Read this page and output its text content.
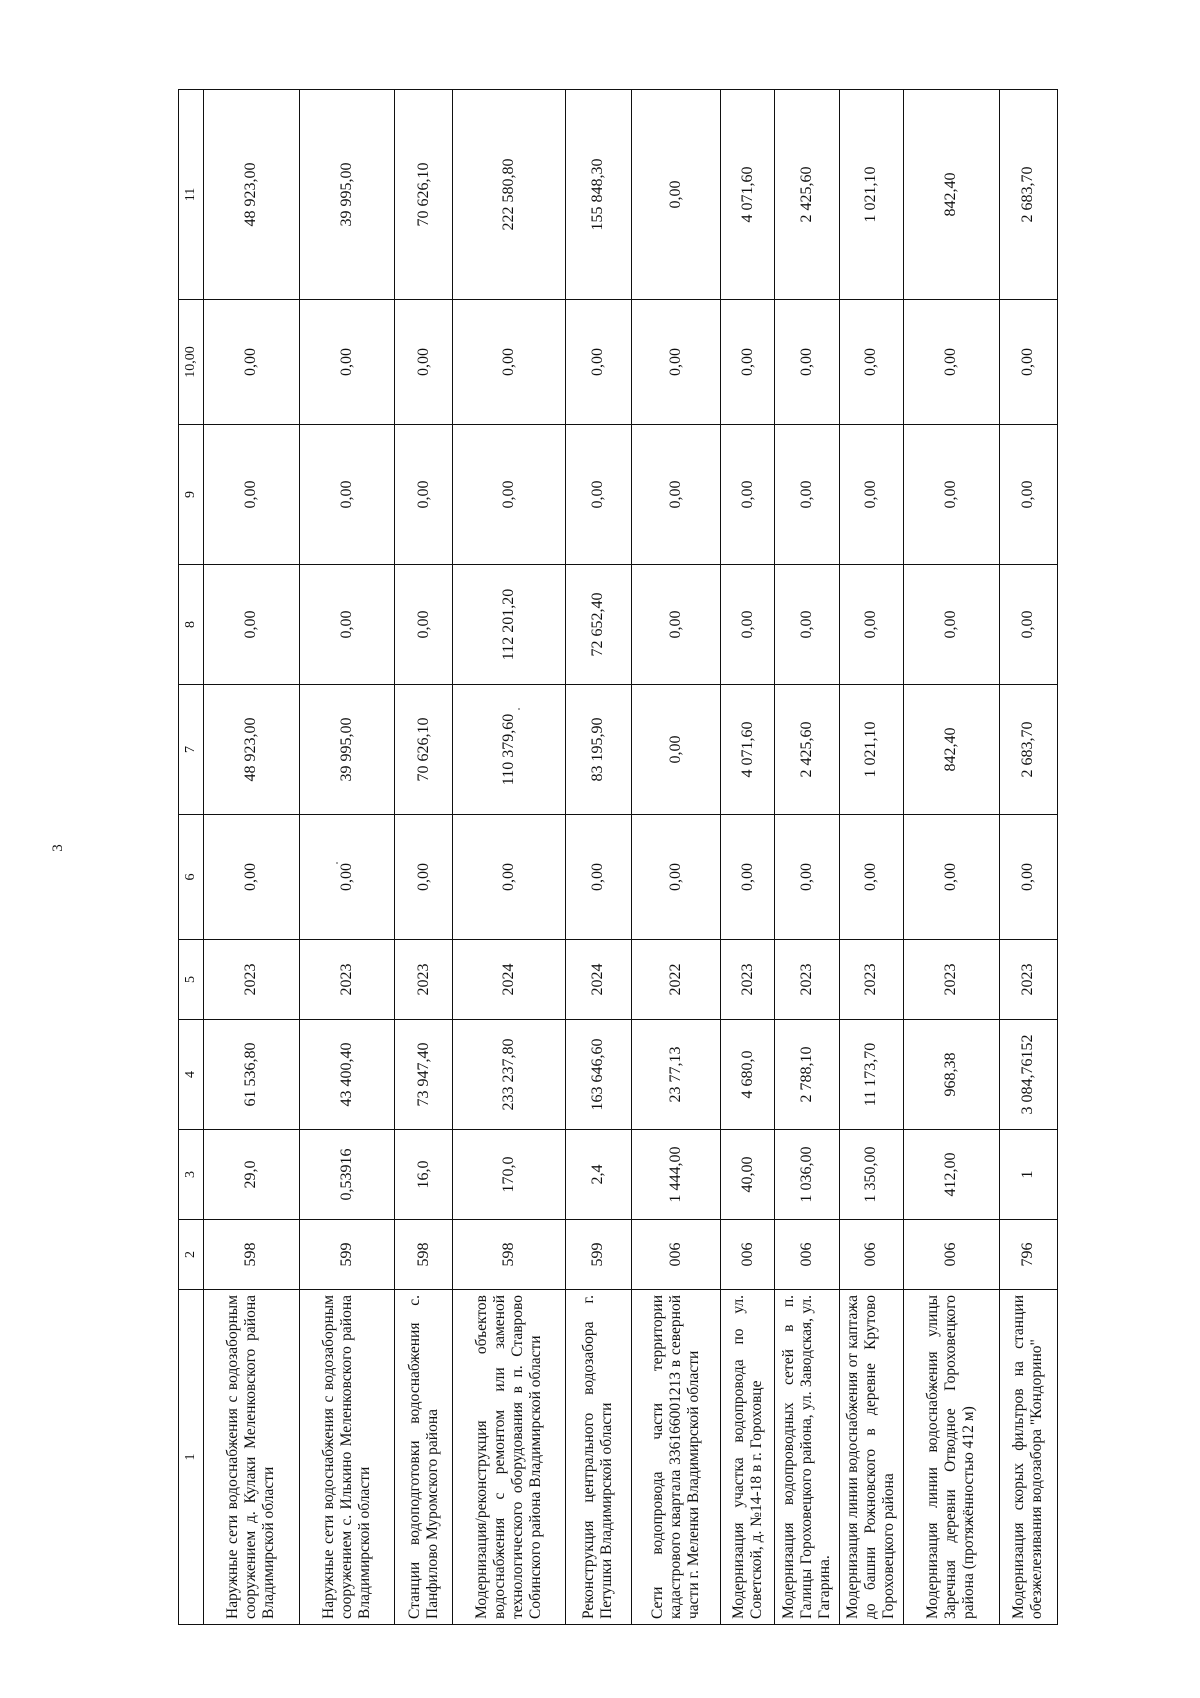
3
1	2	3	4	5	6	7	8	9	10,00	11
Наружные сети водоснабжения с водозаборным сооружением д. Кулаки Меленковского района Владимирской области	598	29,0	61 536,80	2023	0,00	48 923,00	0,00	0,00	0,00	48 923,00
Наружные сети водоснабжения с водозаборным сооружением с. Илькино Меленковского района Владимирской области	599	0,53916	43 400,40	2023	0,00	39 995,00	0,00	0,00	0,00	39 995,00
Станции водоподготовки водоснабжения с. Панфилово Муромского района	598	16,0	73 947,40	2023	0,00	70 626,10	0,00	0,00	0,00	70 626,10
Модернизация/реконструкция объектов водоснабжения с ремонтом или заменой технологического оборудования в п. Ставрово Собинского района Владимирской области	598	170,0	233 237,80	2024	0,00	110 379,60	112 201,20	0,00	0,00	222 580,80
Реконструкция центрального водозабора г. Петушки Владимирской области	599	2,4	163 646,60	2024	0,00	83 195,90	72 652,40	0,00	0,00	155 848,30
Сети водопровода части территории кадастрового квартала 33616600121З в северной части г. Меленки Владимирской области	006	1 444,00	23 77,13	2022	0,00	0,00	0,00	0,00	0,00	0,00
Модернизация участка водопровода по ул. Советской, д. №14-18 в г. Гороховце	006	40,00	4 680,0	2023	0,00	4 071,60	0,00	0,00	0,00	4 071,60
Модернизация водопроводных сетей в п. Галицы Гороховецкого района, ул. Заводская, ул. Гагарина.	006	1 036,00	2 788,10	2023	0,00	2 425,60	0,00	0,00	0,00	2 425,60
Модернизация линии водоснабжения от каптажа до башни Рожновского в деревне Крутово Гороховецкого района	006	1 350,00	11 173,70	2023	0,00	1 021,10	0,00	0,00	0,00	1 021,10
Модернизация линии водоснабжения улицы Заречная деревни Отводное Гороховецкого района (протяжённостью 412 м)	006	412,00	968,38	2023	0,00	842,40	0,00	0,00	0,00	842,40
Модернизация скорых фильтров на станции обезжелезивания водозабора "Кондорино"	796	1	3 084,76152	2023	0,00	2 683,70	0,00	0,00	0,00	2 683,70
